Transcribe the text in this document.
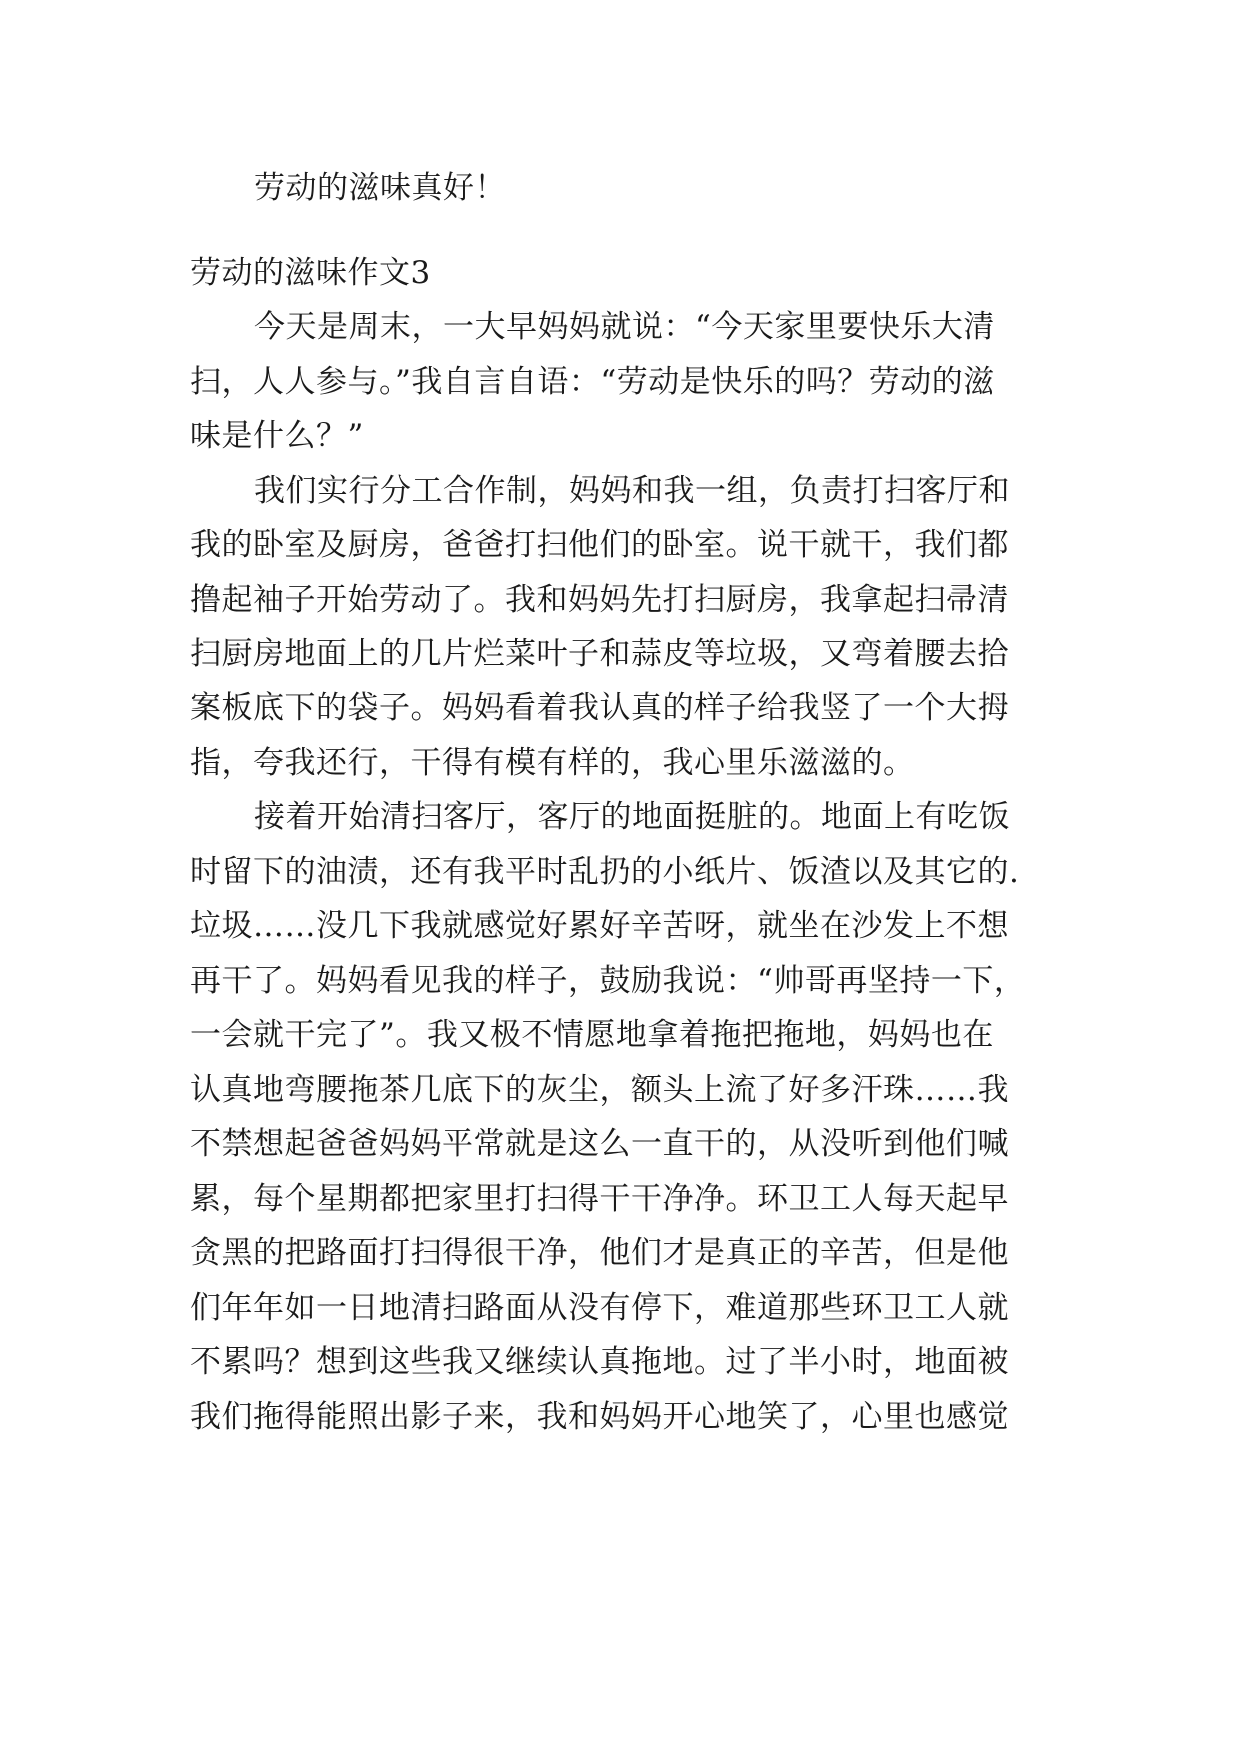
劳动的滋味真好！
劳动的滋味作文3
今天是周末，一大早妈妈就说：“今天家里要快乐大清
扫，人人参与。”我自言自语：“劳动是快乐的吗？劳动的滋
味是什么？”
我们实行分工合作制，妈妈和我一组，负责打扫客厅和
我的卧室及厨房，爸爸打扫他们的卧室。说干就干，我们都
撸起袖子开始劳动了。我和妈妈先打扫厨房，我拿起扫帚清
扫厨房地面上的几片烂菜叶子和蒜皮等垃圾，又弯着腰去拾
案板底下的袋子。妈妈看着我认真的样子给我竖了一个大拇
指，夸我还行，干得有模有样的，我心里乐滋滋的。
接着开始清扫客厅，客厅的地面挺脏的。地面上有吃饭
时留下的油渍，还有我平时乱扔的小纸片、饭渣以及其它的.
垃圾……没几下我就感觉好累好辛苦呀，就坐在沙发上不想
再干了。妈妈看见我的样子，鼓励我说：“帅哥再坚持一下，
一会就干完了”。我又极不情愿地拿着拖把拖地，妈妈也在
认真地弯腰拖茶几底下的灰尘，额头上流了好多汗珠……我
不禁想起爸爸妈妈平常就是这么一直干的，从没听到他们喊
累，每个星期都把家里打扫得干干净净。环卫工人每天起早
贪黑的把路面打扫得很干净，他们才是真正的辛苦，但是他
们年年如一日地清扫路面从没有停下，难道那些环卫工人就
不累吗？想到这些我又继续认真拖地。过了半小时，地面被
我们拖得能照出影子来，我和妈妈开心地笑了，心里也感觉
